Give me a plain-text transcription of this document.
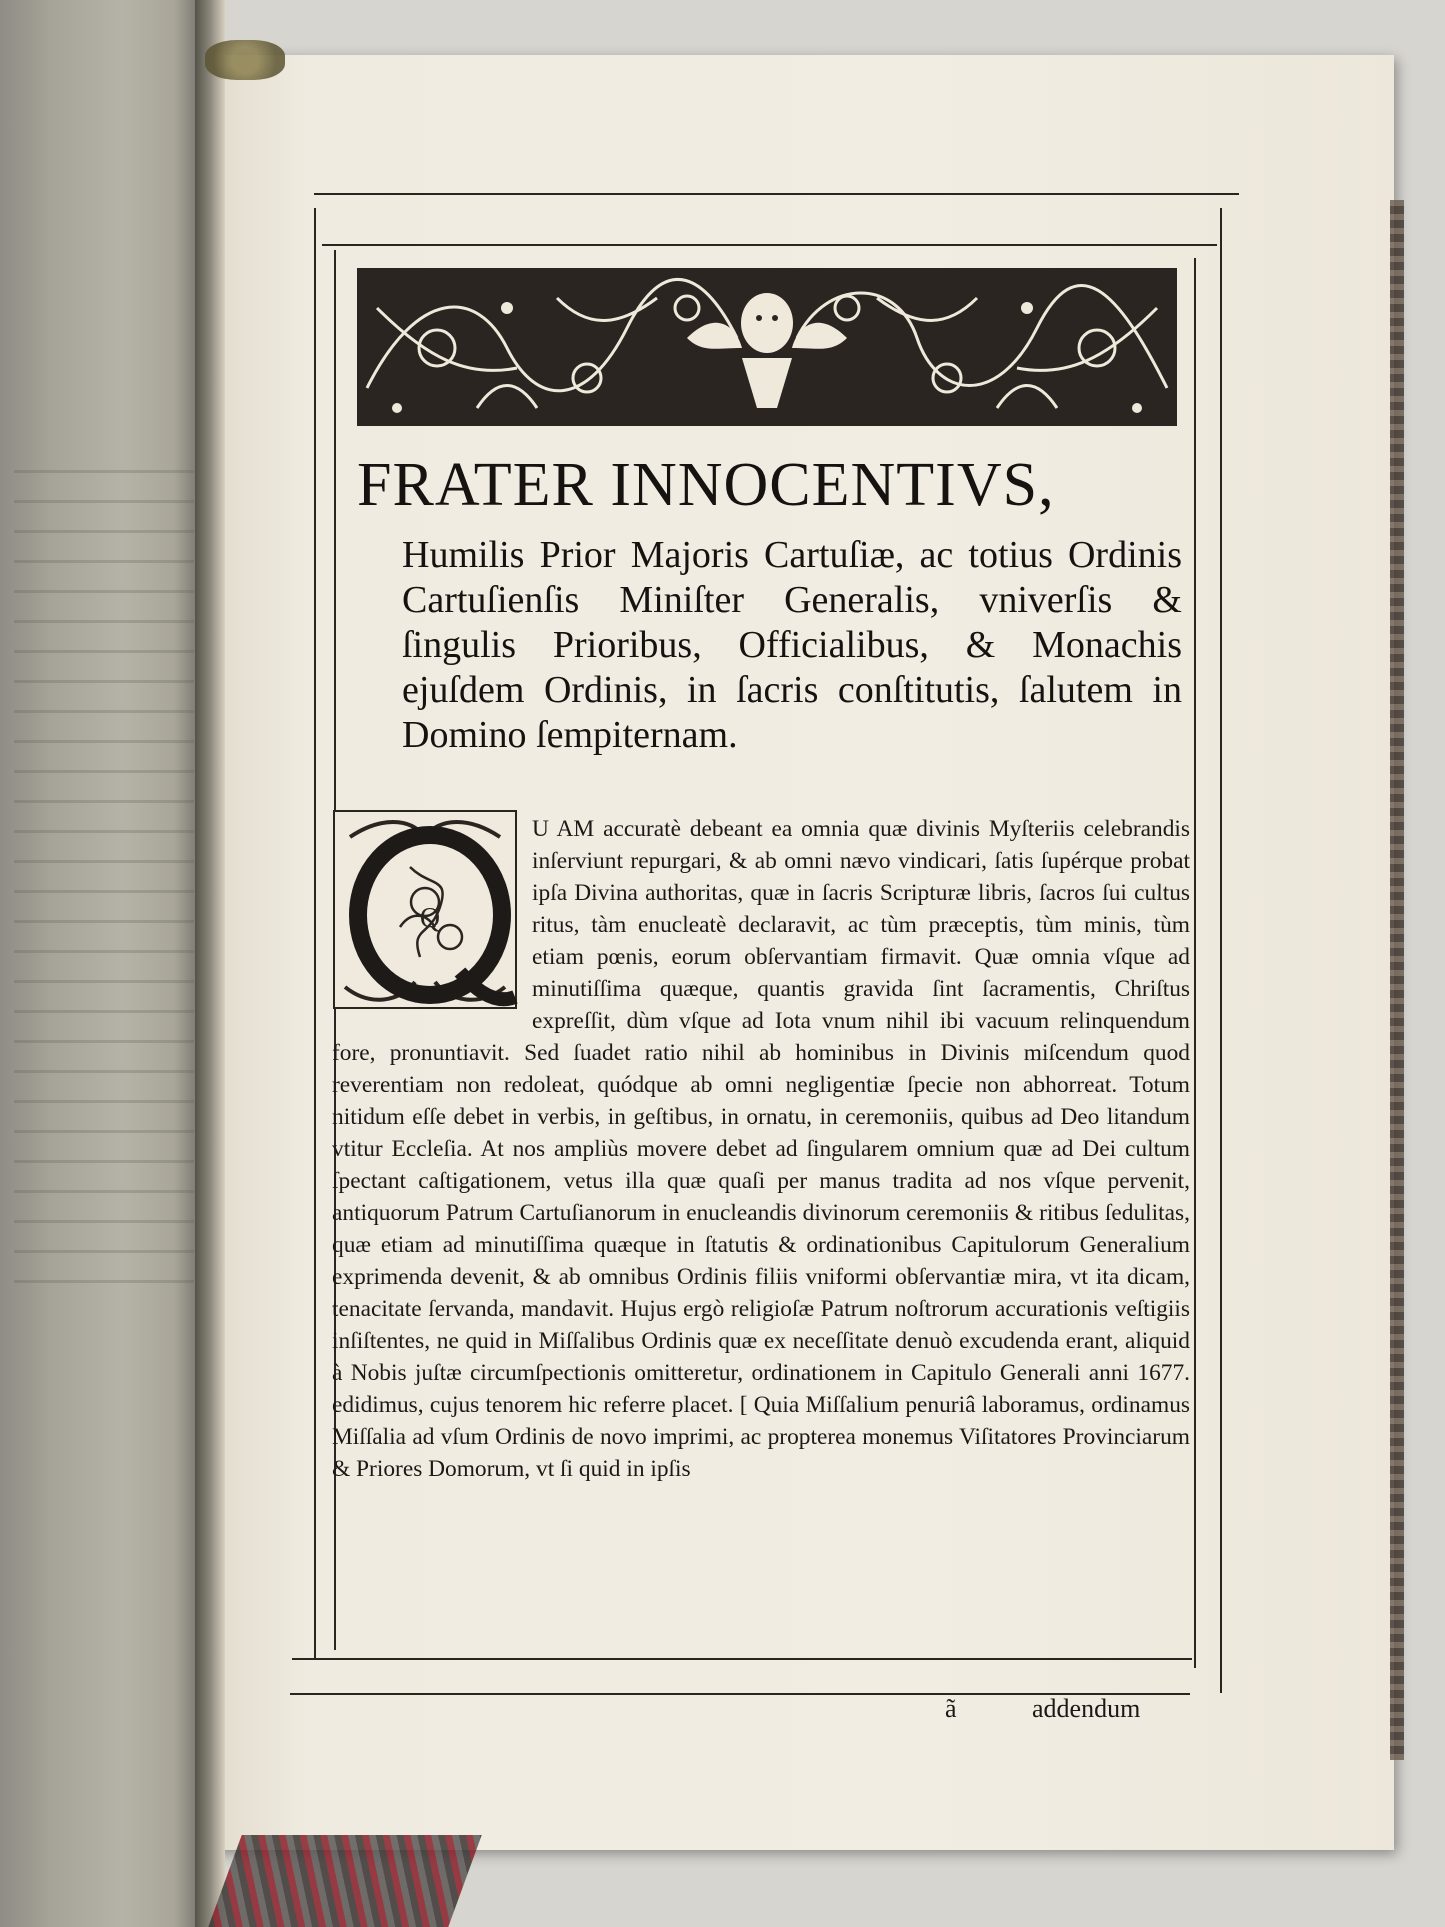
FRATER INNOCENTIVS,

Humilis Prior Majoris Cartuſiæ, ac totius Ordinis Cartuſienſis Miniſter Generalis, vniverſis & ſingulis Prioribus, Officialibus, & Monachis ejuſdem Ordinis, in ſacris conſtitutis, ſalutem in Domino ſempiternam.

Q
U AM accuratè debeant ea omnia quæ divinis Myſteriis celebrandis inſerviunt repurgari, & ab omni nævo vindicari, ſatis ſupérque probat ipſa Divina authoritas, quæ in ſacris Scripturæ libris, ſacros ſui cultus ritus, tàm enucleatè declaravit, ac tùm præceptis, tùm minis, tùm etiam pœnis, eorum obſervantiam firmavit. Quæ omnia vſque ad minutiſſima quæque, quantis gravida ſint ſacramentis, Chriſtus expreſſit, dùm vſque ad Iota vnum nihil ibi vacuum relinquendum fore, pronuntiavit. Sed ſuadet ratio nihil ab hominibus in Divinis miſcendum quod reverentiam non redoleat, quódque ab omni negligentiæ ſpecie non abhorreat. Totum nitidum eſſe debet in verbis, in geſtibus, in ornatu, in ceremoniis, quibus ad Deo litandum vtitur Eccleſia. At nos ampliùs movere debet ad ſingularem omnium quæ ad Dei cultum ſpectant caſtigationem, vetus illa quæ quaſi per manus tradita ad nos vſque pervenit, antiquorum Patrum Cartuſianorum in enucleandis divinorum ceremoniis & ritibus ſedulitas, quæ etiam ad minutiſſima quæque in ſtatutis & ordinationibus Capitulorum Generalium exprimenda devenit, & ab omnibus Ordinis filiis vniformi obſervantiæ mira, vt ita dicam, tenacitate ſervanda, mandavit. Hujus ergò religioſæ Patrum noſtrorum accurationis veſtigiis inſiſtentes, ne quid in Miſſalibus Ordinis quæ ex neceſſitate denuò excudenda erant, aliquid à Nobis juſtæ circumſpectionis omitteretur, ordinationem in Capitulo Generali anni 1677. edidimus, cujus tenorem hic referre placet. [ Quia Miſſalium penuriâ laboramus, ordinamus Miſſalia ad vſum Ordinis de novo imprimi, ac propterea monemus Viſitatores Provinciarum & Priores Domorum, vt ſi quid in ipſis
ã	addendum
